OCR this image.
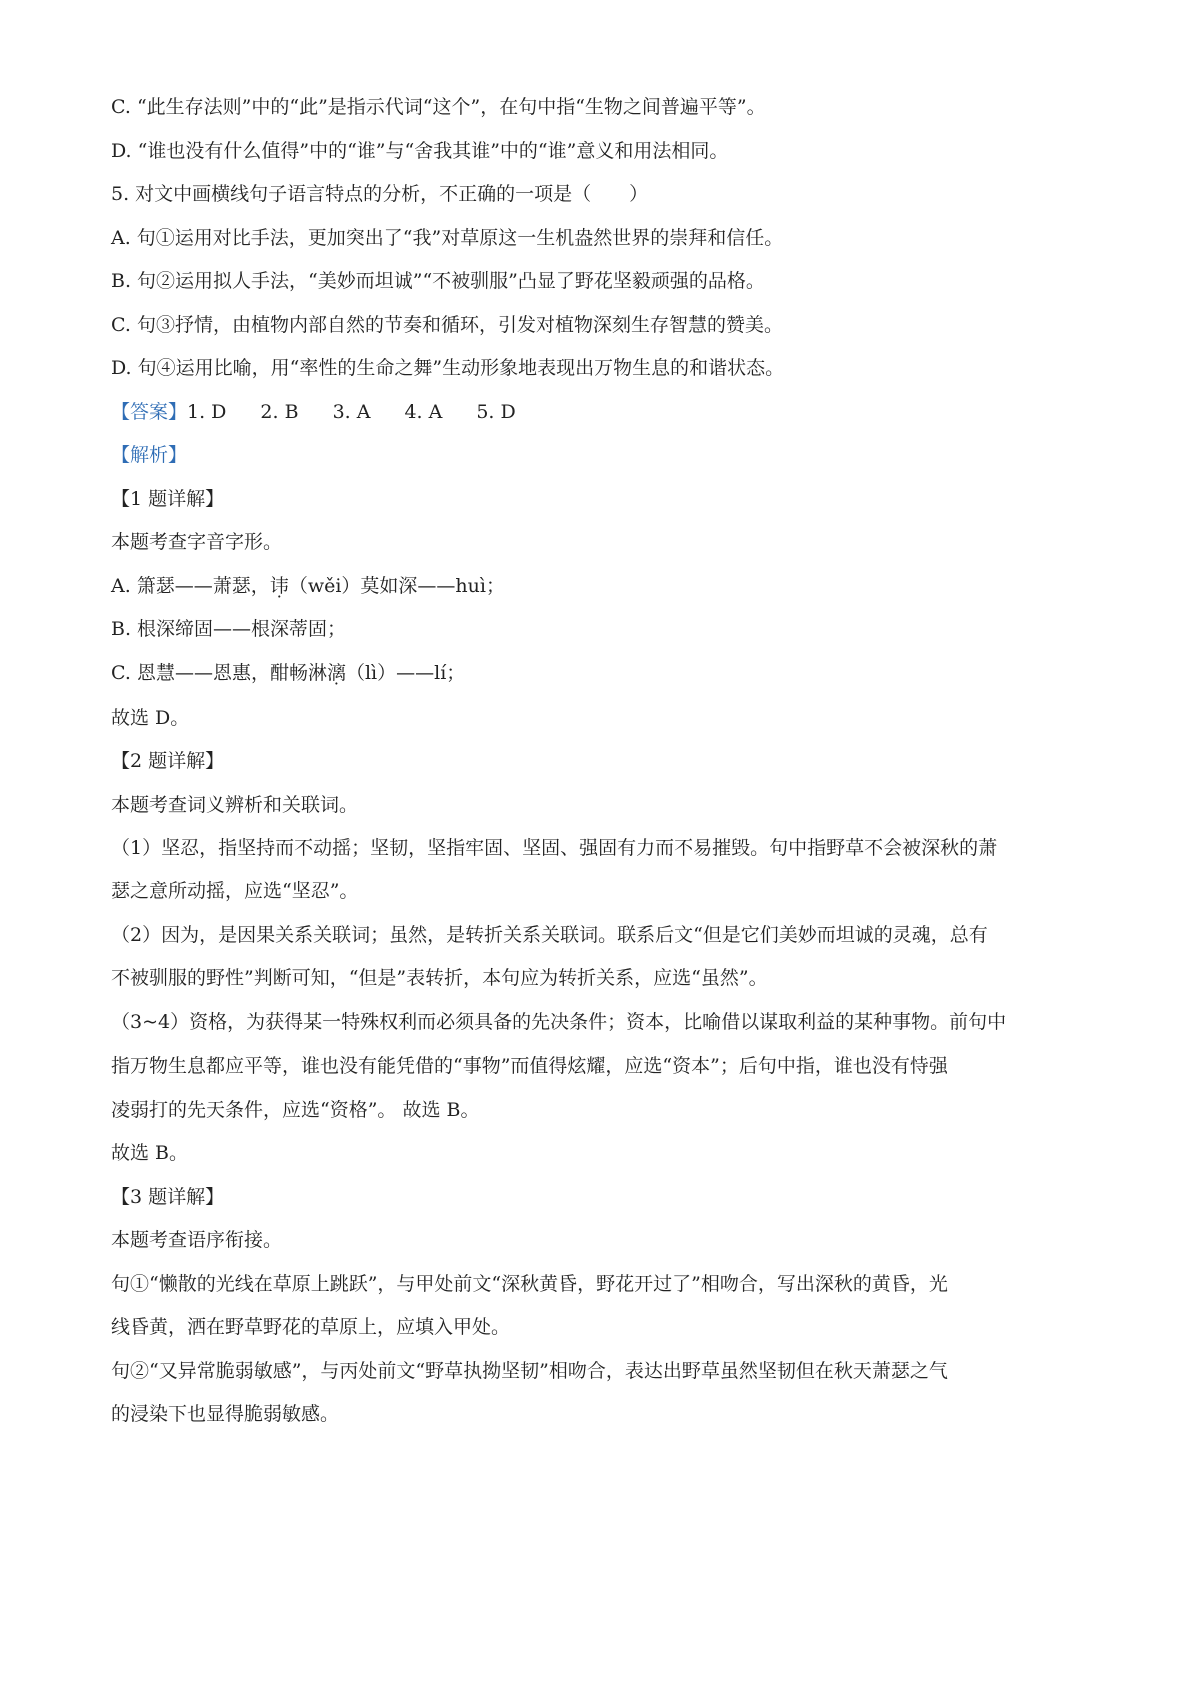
C. “此生存法则”中的“此”是指示代词“这个”，在句中指“生物之间普遍平等”。
D. “谁也没有什么值得”中的“谁”与“舍我其谁”中的“谁”意义和用法相同。
5. 对文中画横线句子语言特点的分析，不正确的一项是（　　）
A. 句①运用对比手法，更加突出了“我”对草原这一生机盎然世界的崇拜和信任。
B. 句②运用拟人手法，“美妙而坦诚”“不被驯服”凸显了野花坚毅顽强的品格。
C. 句③抒情，由植物内部自然的节奏和循环，引发对植物深刻生存智慧的赞美。
D. 句④运用比喻，用“率性的生命之舞”生动形象地表现出万物生息的和谐状态。
【答案】1. D 2. B 3. A 4. A 5. D
【解析】
【1 题详解】
本题考查字音字形。
A. 箫瑟——萧瑟，讳（wěi）莫如深——huì；
B. 根深缔固——根深蒂固；
C. 恩慧——恩惠，酣畅淋漓（lì）——lí；
故选 D。
【2 题详解】
本题考查词义辨析和关联词。
（1）坚忍，指坚持而不动摇；坚韧，坚指牢固、坚固、强固有力而不易摧毁。句中指野草不会被深秋的萧
瑟之意所动摇，应选“坚忍”。
（2）因为，是因果关系关联词；虽然，是转折关系关联词。联系后文“但是它们美妙而坦诚的灵魂，总有
不被驯服的野性”判断可知，“但是”表转折，本句应为转折关系，应选“虽然”。
（3~4）资格，为获得某一特殊权利而必须具备的先决条件；资本，比喻借以谋取利益的某种事物。前句中
指万物生息都应平等，谁也没有能凭借的“事物”而值得炫耀，应选“资本”；后句中指，谁也没有恃强
凌弱打的先天条件，应选“资格”。 故选 B。
故选 B。
【3 题详解】
本题考查语序衔接。
句①“懒散的光线在草原上跳跃”，与甲处前文“深秋黄昏，野花开过了”相吻合，写出深秋的黄昏，光
线昏黄，洒在野草野花的草原上，应填入甲处。
句②“又异常脆弱敏感”，与丙处前文“野草执拗坚韧”相吻合，表达出野草虽然坚韧但在秋天萧瑟之气
的浸染下也显得脆弱敏感。
